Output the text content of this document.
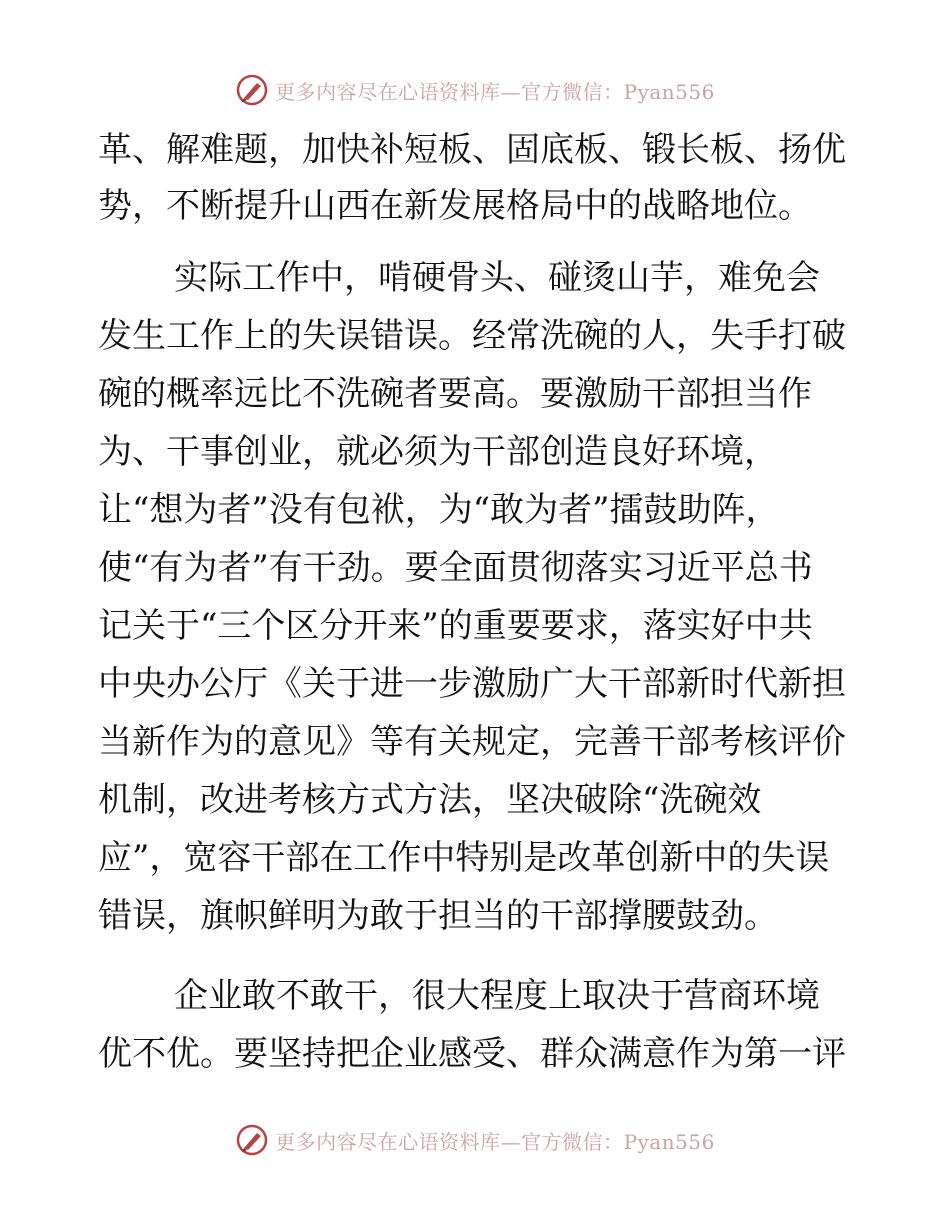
更多内容尽在心语资料库—官方微信：Pyan556
革、解难题，加快补短板、固底板、锻长板、扬优
势，不断提升山西在新发展格局中的战略地位。
实际工作中，啃硬骨头、碰烫山芋，难免会
发生工作上的失误错误。经常洗碗的人，失手打破
碗的概率远比不洗碗者要高。要激励干部担当作
为、干事创业，就必须为干部创造良好环境，
让“想为者”没有包袱，为“敢为者”擂鼓助阵，
使“有为者”有干劲。要全面贯彻落实习近平总书
记关于“三个区分开来”的重要要求，落实好中共
中央办公厅《关于进一步激励广大干部新时代新担
当新作为的意见》等有关规定，完善干部考核评价
机制，改进考核方式方法，坚决破除“洗碗效
应”，宽容干部在工作中特别是改革创新中的失误
错误，旗帜鲜明为敢于担当的干部撑腰鼓劲。
企业敢不敢干，很大程度上取决于营商环境
优不优。要坚持把企业感受、群众满意作为第一评
更多内容尽在心语资料库—官方微信：Pyan556
